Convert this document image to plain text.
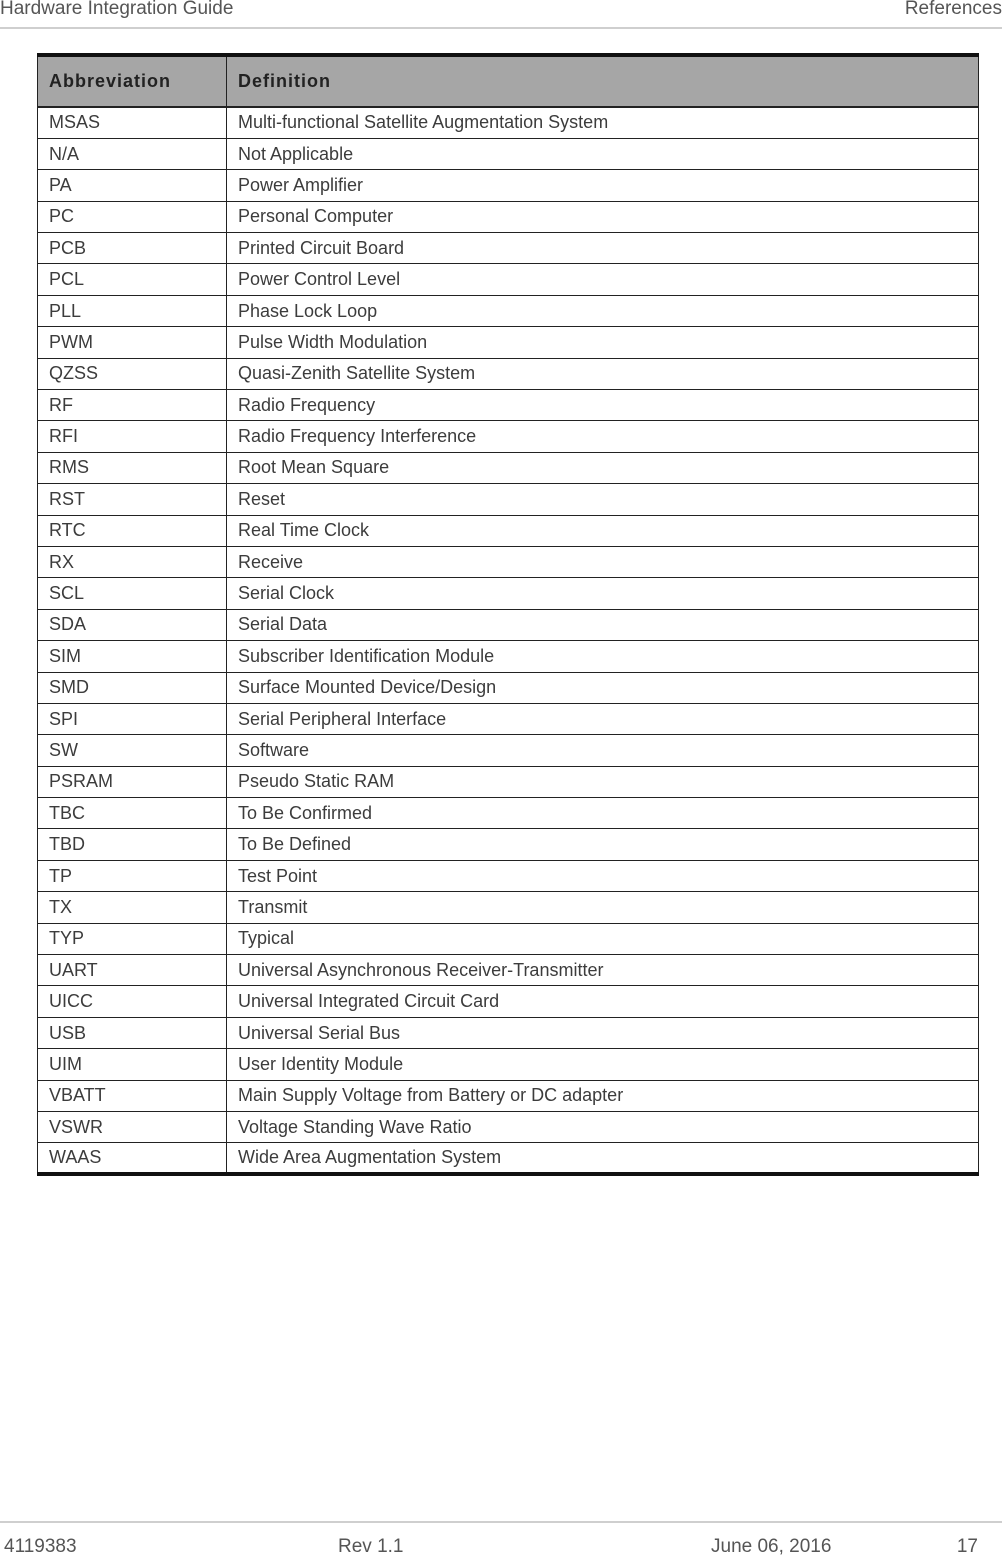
Hardware Integration Guide	References
Abbreviation	Definition
MSAS	Multi-functional Satellite Augmentation System
N/A	Not Applicable
PA	Power Amplifier
PC	Personal Computer
PCB	Printed Circuit Board
PCL	Power Control Level
PLL	Phase Lock Loop
PWM	Pulse Width Modulation
QZSS	Quasi-Zenith Satellite System
RF	Radio Frequency
RFI	Radio Frequency Interference
RMS	Root Mean Square
RST	Reset
RTC	Real Time Clock
RX	Receive
SCL	Serial Clock
SDA	Serial Data
SIM	Subscriber Identification Module
SMD	Surface Mounted Device/Design
SPI	Serial Peripheral Interface
SW	Software
PSRAM	Pseudo Static RAM
TBC	To Be Confirmed
TBD	To Be Defined
TP	Test Point
TX	Transmit
TYP	Typical
UART	Universal Asynchronous Receiver-Transmitter
UICC	Universal Integrated Circuit Card
USB	Universal Serial Bus
UIM	User Identity Module
VBATT	Main Supply Voltage from Battery or DC adapter
VSWR	Voltage Standing Wave Ratio
WAAS	Wide Area Augmentation System
4119383	Rev 1.1	June 06, 2016	17
